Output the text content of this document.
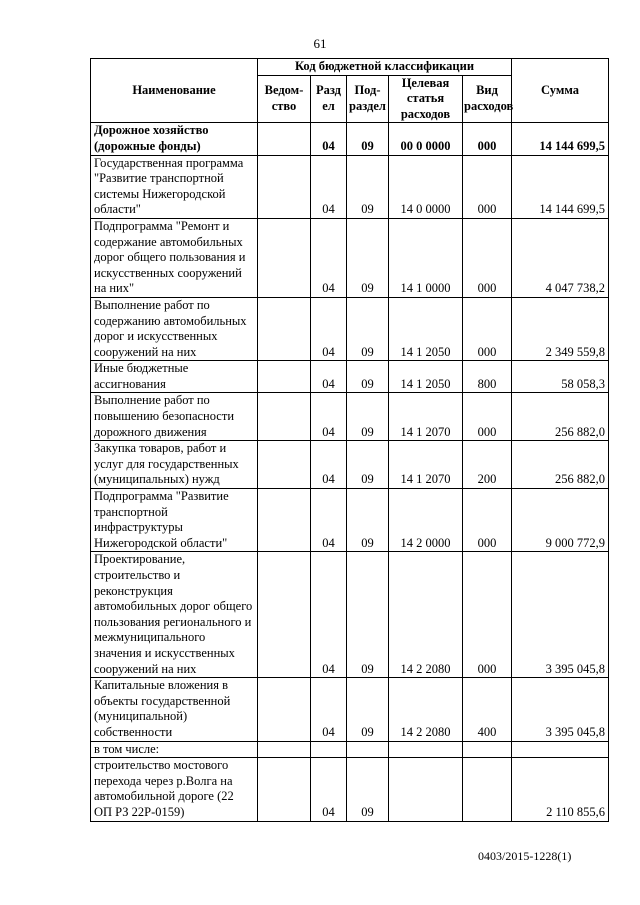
61
Наименование	Код бюджетной классификации					Сумма
	Ведом-ство	Разд ел	Под-раздел	Целевая статья расходов	Вид расходов	
Дорожное хозяйство (дорожные фонды)		04	09	00 0 0000	000	14 144 699,5
Государственная программа "Развитие транспортной системы Нижегородской области"		04	09	14 0 0000	000	14 144 699,5
Подпрограмма "Ремонт и содержание автомобильных дорог общего пользования и искусственных сооружений на них"		04	09	14 1 0000	000	4 047 738,2
Выполнение работ по содержанию автомобильных дорог и искусственных сооружений на них		04	09	14 1 2050	000	2 349 559,8
Иные бюджетные ассигнования		04	09	14 1 2050	800	58 058,3
Выполнение работ по повышению безопасности дорожного движения		04	09	14 1 2070	000	256 882,0
Закупка товаров, работ и услуг для государственных (муниципальных) нужд		04	09	14 1 2070	200	256 882,0
Подпрограмма "Развитие транспортной инфраструктуры Нижегородской области"		04	09	14 2 0000	000	9 000 772,9
Проектирование, строительство и реконструкция автомобильных дорог общего пользования регионального и межмуниципального значения и искусственных сооружений на них		04	09	14 2 2080	000	3 395 045,8
Капитальные вложения в объекты государственной (муниципальной) собственности		04	09	14 2 2080	400	3 395 045,8
в том числе:						
строительство мостового перехода через р.Волга на автомобильной дороге (22 ОП РЗ 22Р-0159)		04	09			2 110 855,6
0403/2015-1228(1)
